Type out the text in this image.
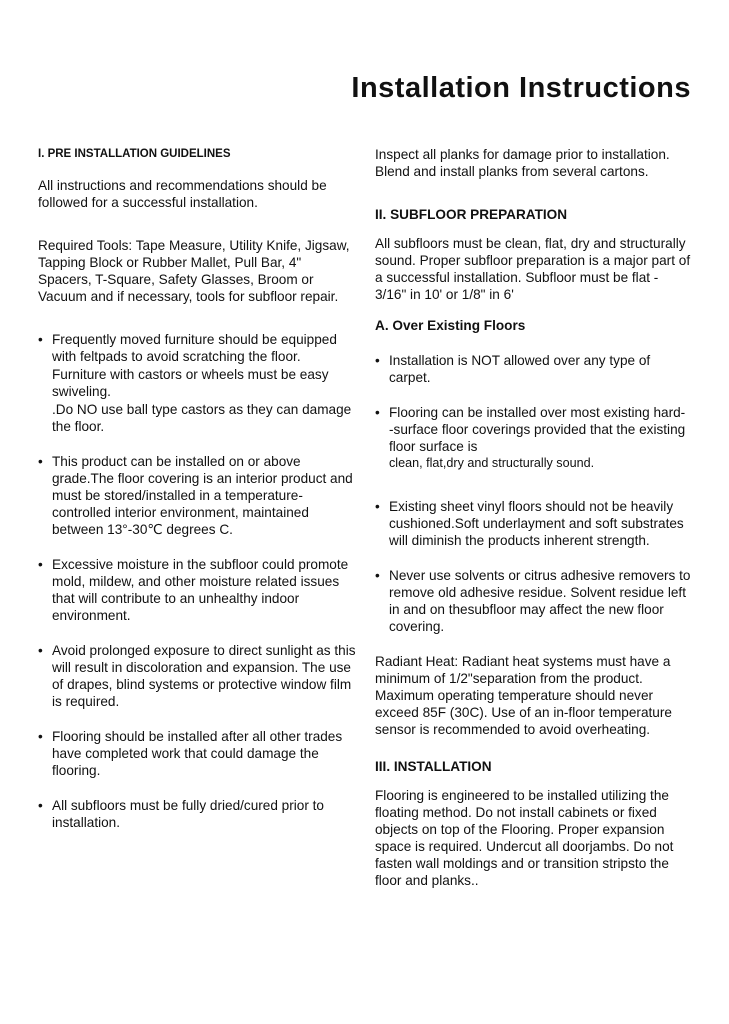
Installation Instructions
I. PRE INSTALLATION GUIDELINES

All instructions and recommendations should be followed for a successful installation.

Required Tools: Tape Measure, Utility Knife, Jigsaw, Tapping Block or Rubber Mallet, Pull Bar, 4" Spacers, T-Square, Safety Glasses, Broom or Vacuum and if necessary, tools for subfloor repair.

• Frequently moved furniture should be equipped with feltpads to avoid scratching the floor.

Furniture with castors or wheels must be easy swiveling.

.Do NO use ball type castors as they can damage the floor.

• This product can be installed on or above grade.The floor covering is an interior product and must be stored/installed in a temperature-controlled interior environment, maintained between 13°-30℃ degrees C.

• Excessive moisture in the subfloor could promote mold, mildew, and other moisture related issues that will contribute to an unhealthy indoor environment.

• Avoid prolonged exposure to direct sunlight as this will result in discoloration and expansion. The use of drapes, blind systems or protective window film is required.

• Flooring should be installed after all other trades have completed work that could damage the flooring.

• All subfloors must be fully dried/cured prior to installation.

Inspect all planks for damage prior to installation.

Blend and install planks from several cartons.

II. SUBFLOOR PREPARATION

All subfloors must be clean, flat, dry and structurally sound. Proper subfloor preparation is a major part of a successful installation. Subfloor must be flat - 3/16" in 10' or 1/8" in 6'

A. Over Existing Floors

• Installation is NOT allowed over any type of carpet.

• Flooring can be installed over most existing hard- -surface floor coverings provided that the existing floor surface is

clean, flat,dry and structurally sound.

• Existing sheet vinyl floors should not be heavily cushioned.Soft underlayment and soft substrates will diminish the products inherent strength.

• Never use solvents or citrus adhesive removers to remove old adhesive residue. Solvent residue left in and on thesubfloor may affect the new floor covering.

Radiant Heat: Radiant heat systems must have a minimum of 1/2"separation from the product. Maximum operating temperature should never exceed 85F (30C). Use of an in-floor temperature sensor is recommended to avoid overheating.

III. INSTALLATION

Flooring is engineered to be installed utilizing the floating method. Do not install cabinets or fixed objects on top of the Flooring. Proper expansion space is required. Undercut all doorjambs. Do not fasten wall moldings and or transition stripsto the floor and planks..
